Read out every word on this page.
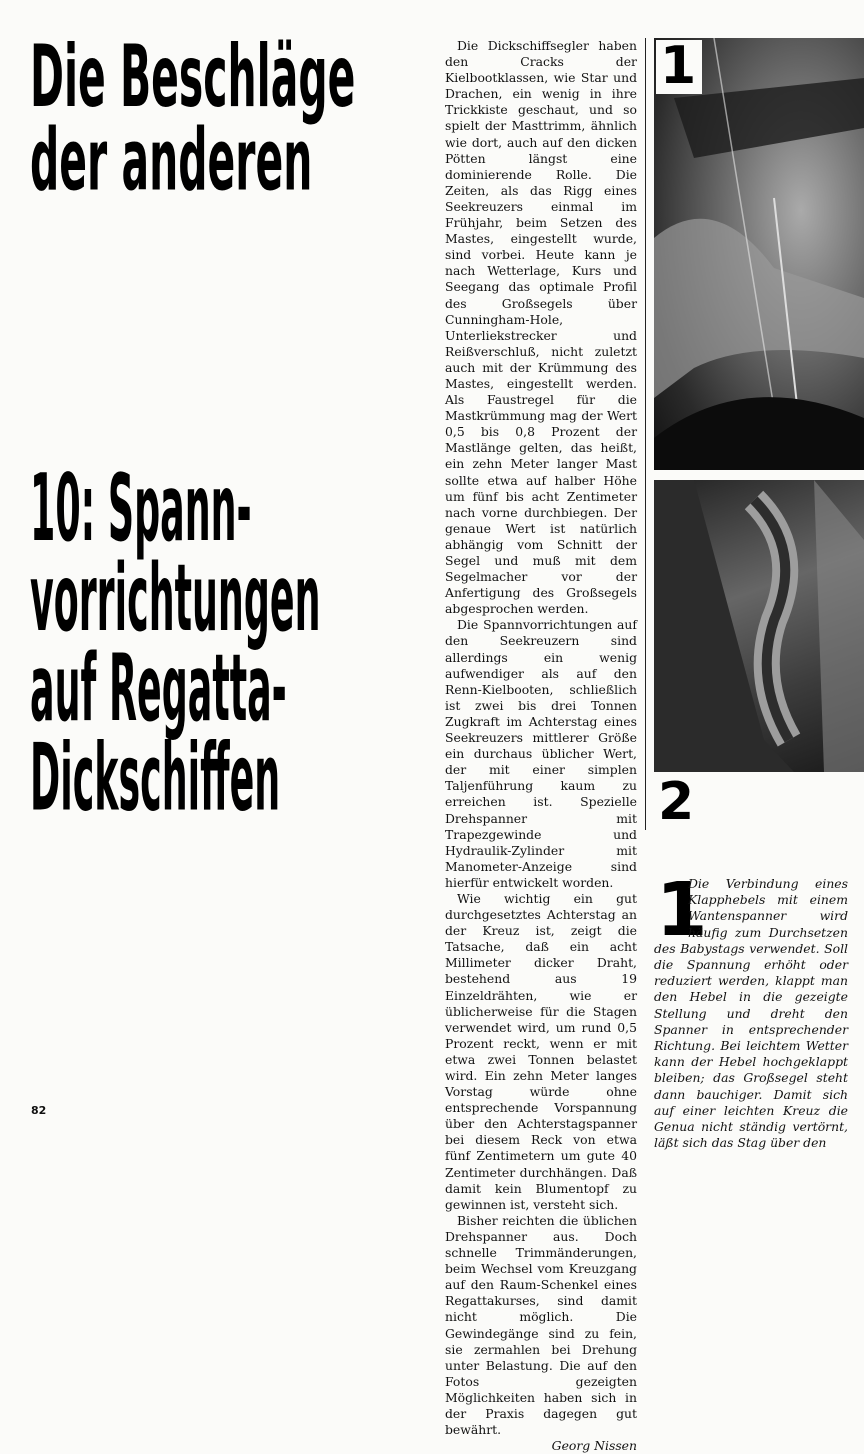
Die Beschläge
der anderen
10: Spann-
vorrichtungen
auf Regatta-
Dickschiffen

Die Dickschiffsegler haben den Cracks der Kielbootklassen, wie Star und Drachen, ein wenig in ihre Trickkiste geschaut, und so spielt der Masttrimm, ähnlich wie dort, auch auf den dicken Pötten längst eine dominierende Rolle. Die Zeiten, als das Rigg eines Seekreuzers einmal im Frühjahr, beim Setzen des Mastes, eingestellt wurde, sind vorbei. Heute kann je nach Wetterlage, Kurs und Seegang das optimale Profil des Großsegels über Cunningham-Hole, Unterliekstrecker und Reißverschluß, nicht zuletzt auch mit der Krümmung des Mastes, eingestellt werden. Als Faustregel für die Mastkrümmung mag der Wert 0,5 bis 0,8 Prozent der Mastlänge gelten, das heißt, ein zehn Meter langer Mast sollte etwa auf halber Höhe um fünf bis acht Zentimeter nach vorne durchbiegen. Der genaue Wert ist natürlich abhängig vom Schnitt der Segel und muß mit dem Segelmacher vor der Anfertigung des Großsegels abgesprochen werden.

Die Spannvorrichtungen auf den Seekreuzern sind allerdings ein wenig aufwendiger als auf den Renn-Kielbooten, schließlich ist zwei bis drei Tonnen Zugkraft im Achterstag eines Seekreuzers mittlerer Größe ein durchaus üblicher Wert, der mit einer simplen Taljenführung kaum zu erreichen ist. Spezielle Drehspanner mit Trapezgewinde und Hydraulik-Zylinder mit Manometer-Anzeige sind hierfür entwickelt worden.

Wie wichtig ein gut durchgesetztes Achterstag an der Kreuz ist, zeigt die Tatsache, daß ein acht Millimeter dicker Draht, bestehend aus 19 Einzeldrähten, wie er üblicherweise für die Stagen verwendet wird, um rund 0,5 Prozent reckt, wenn er mit etwa zwei Tonnen belastet wird. Ein zehn Meter langes Vorstag würde ohne entsprechende Vorspannung über den Achterstagspanner bei diesem Reck von etwa fünf Zentimetern um gute 40 Zentimeter durchhängen. Daß damit kein Blumentopf zu gewinnen ist, versteht sich.

Bisher reichten die üblichen Drehspanner aus. Doch schnelle Trimmänderungen, beim Wechsel vom Kreuzgang auf den Raum-Schenkel eines Regattakurses, sind damit nicht möglich. Die Gewindegänge sind zu fein, sie zermahlen bei Drehung unter Belastung. Die auf den Fotos gezeigten Möglichkeiten haben sich in der Praxis dagegen gut bewährt.

Georg Nissen
1
2
1
Die Verbindung eines Klapphebels mit einem Wantenspanner wird häufig zum Durchsetzen des Babystags verwendet. Soll die Spannung erhöht oder reduziert werden, klappt man den Hebel in die gezeigte Stellung und dreht den Spanner in entsprechender Richtung. Bei leichtem Wetter kann der Hebel hochgeklappt bleiben; das Großsegel steht dann bauchiger. Damit sich auf einer leichten Kreuz die Genua nicht ständig vertörnt, läßt sich das Stag über den
82
